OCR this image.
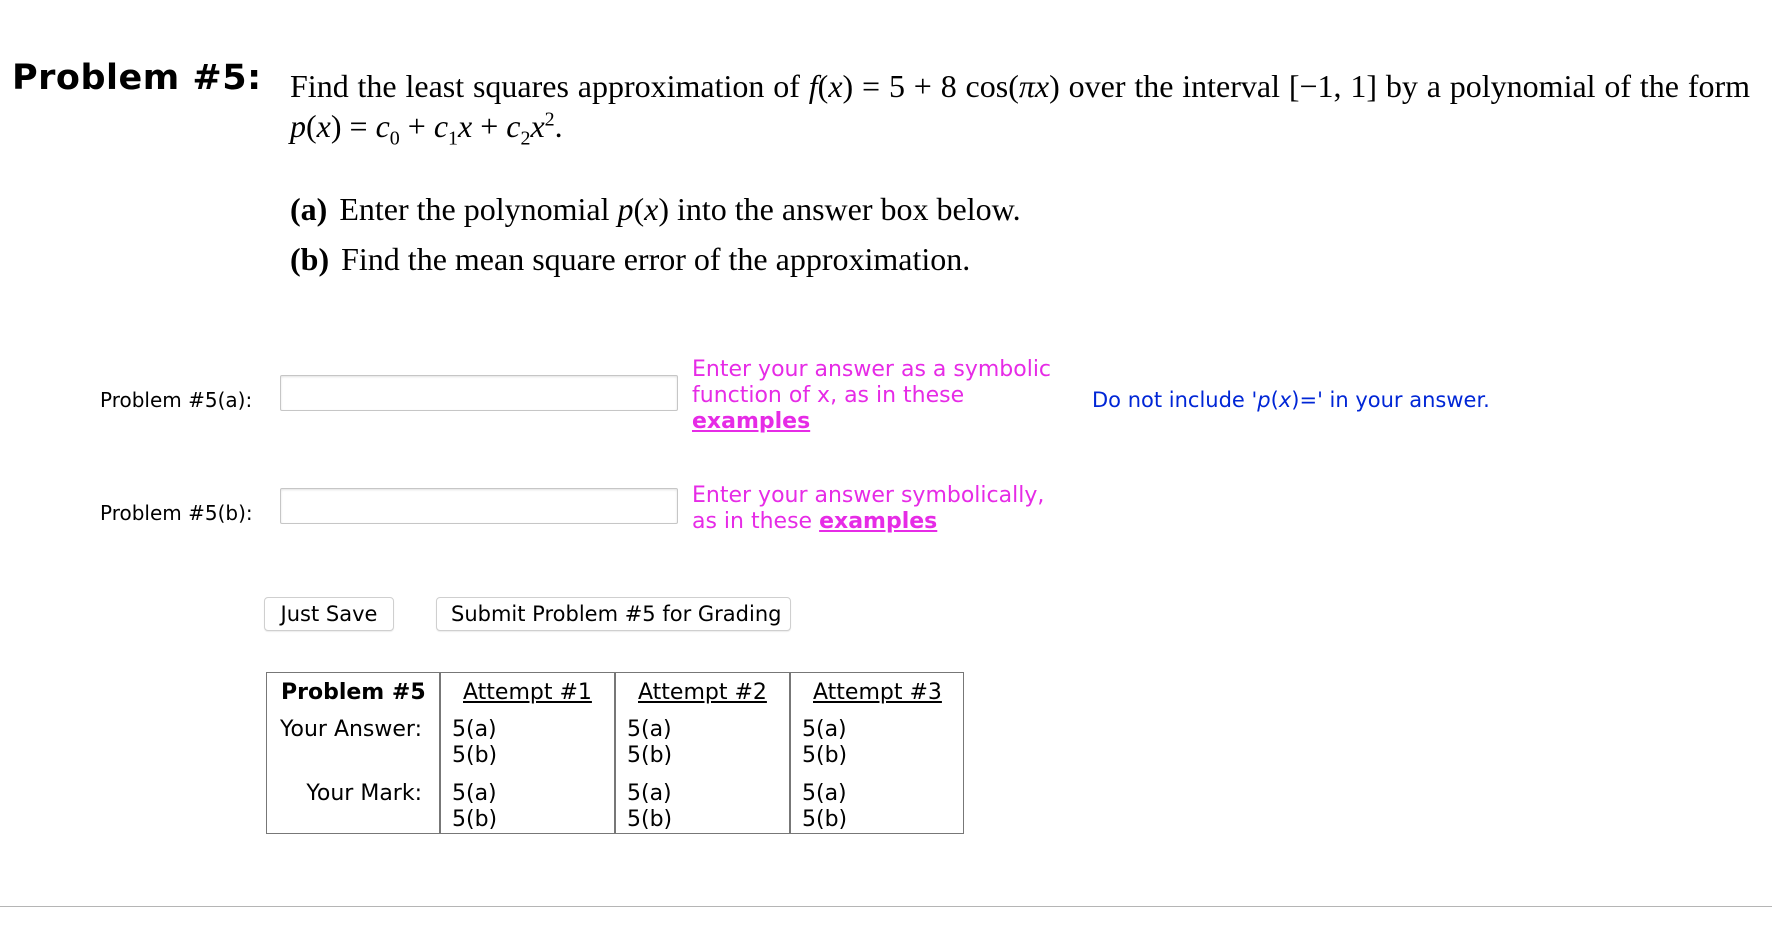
Problem #5: Find the least squares approximation of f(x) = 5 + 8 cos(πx) over the interval [−1, 1] by a polynomial of the form $p(x) = c_0 + c_1x + c_2x^2$.
(a) Enter the polynomial p(x) into the answer box below.
(b) Find the mean square error of the approximation.
Problem #5(a):
Enter your answer as a symbolic function of x, as in these
examples
Do not include 'p(x)=' in your answer.
Problem #5(b):
Enter your answer symbolically, as in these examples
Just Save	Submit Problem #5 for Grading
Problem #5 Attempt #1 Attempt #2 Attempt #3
Your Answer:
Your Mark:
5(a)
5(b)
5(a)
5(b)
5(a)
5(b)
5(a)
5(b)
5(a)
5(b)
5(a)
5(b)
